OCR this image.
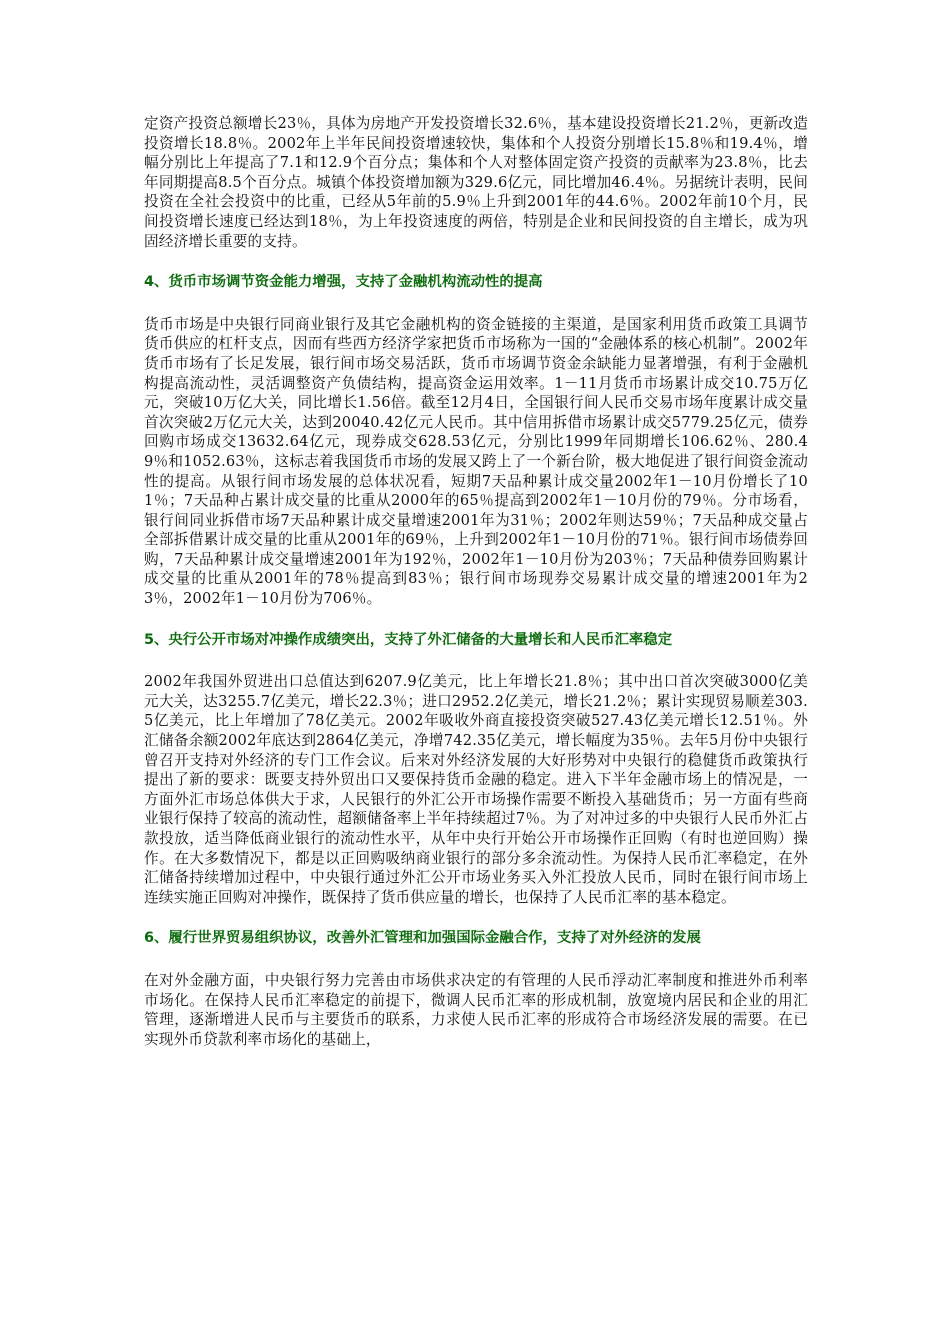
定资产投资总额增长23％，具体为房地产开发投资增长32.6％，基本建设投资增长21.2％，更新改造投资增长18.8％。2002年上半年民间投资增速较快，集体和个人投资分别增长15.8％和19.4％，增幅分别比上年提高了7.1和12.9个百分点；集体和个人对整体固定资产投资的贡献率为23.8％，比去年同期提高8.5个百分点。城镇个体投资增加额为329.6亿元，同比增加46.4％。另据统计表明，民间投资在全社会投资中的比重，已经从5年前的5.9％上升到2001年的44.6％。2002年前10个月，民间投资增长速度已经达到18％，为上年投资速度的两倍，特别是企业和民间投资的自主增长，成为巩固经济增长重要的支持。

4、货币市场调节资金能力增强，支持了金融机构流动性的提高

货币市场是中央银行同商业银行及其它金融机构的资金链接的主渠道，是国家利用货币政策工具调节货币供应的杠杆支点，因而有些西方经济学家把货币市场称为一国的“金融体系的核心机制”。2002年货币市场有了长足发展，银行间市场交易活跃，货币市场调节资金余缺能力显著增强，有利于金融机构提高流动性，灵活调整资产负债结构，提高资金运用效率。1－11月货币市场累计成交10.75万亿元，突破10万亿大关，同比增长1.56倍。截至12月4日，全国银行间人民币交易市场年度累计成交量首次突破2万亿元大关，达到20040.42亿元人民币。其中信用拆借市场累计成交5779.25亿元，债券回购市场成交13632.64亿元，现券成交628.53亿元，分别比1999年同期增长106.62％、280.49％和1052.63％，这标志着我国货币市场的发展又跨上了一个新台阶，极大地促进了银行间资金流动性的提高。从银行间市场发展的总体状况看，短期7天品种累计成交量2002年1－10月份增长了101％；7天品种占累计成交量的比重从2000年的65％提高到2002年1－10月份的79％。分市场看，银行间同业拆借市场7天品种累计成交量增速2001年为31％；2002年则达59％；7天品种成交量占全部拆借累计成交量的比重从2001年的69％，上升到2002年1－10月份的71％。银行间市场债券回购，7天品种累计成交量增速2001年为192％，2002年1－10月份为203％；7天品种债券回购累计成交量的比重从2001年的78％提高到83％；银行间市场现券交易累计成交量的增速2001年为23％，2002年1－10月份为706％。

5、央行公开市场对冲操作成绩突出，支持了外汇储备的大量增长和人民币汇率稳定

2002年我国外贸进出口总值达到6207.9亿美元，比上年增长21.8％；其中出口首次突破3000亿美元大关，达3255.7亿美元，增长22.3％；进口2952.2亿美元，增长21.2％；累计实现贸易顺差303.5亿美元，比上年增加了78亿美元。2002年吸收外商直接投资突破527.43亿美元增长12.51％。外汇储备余额2002年底达到2864亿美元，净增742.35亿美元，增长幅度为35％。去年5月份中央银行曾召开支持对外经济的专门工作会议。后来对外经济发展的大好形势对中央银行的稳健货币政策执行提出了新的要求：既要支持外贸出口又要保持货币金融的稳定。进入下半年金融市场上的情况是，一方面外汇市场总体供大于求，人民银行的外汇公开市场操作需要不断投入基础货币；另一方面有些商业银行保持了较高的流动性，超额储备率上半年持续超过7％。为了对冲过多的中央银行人民币外汇占款投放，适当降低商业银行的流动性水平，从年中央行开始公开市场操作正回购（有时也逆回购）操作。在大多数情况下，都是以正回购吸纳商业银行的部分多余流动性。为保持人民币汇率稳定，在外汇储备持续增加过程中，中央银行通过外汇公开市场业务买入外汇投放人民币，同时在银行间市场上连续实施正回购对冲操作，既保持了货币供应量的增长，也保持了人民币汇率的基本稳定。

6、履行世界贸易组织协议，改善外汇管理和加强国际金融合作，支持了对外经济的发展

在对外金融方面，中央银行努力完善由市场供求决定的有管理的人民币浮动汇率制度和推进外币利率市场化。在保持人民币汇率稳定的前提下，微调人民币汇率的形成机制，放宽境内居民和企业的用汇管理，逐渐增进人民币与主要货币的联系，力求使人民币汇率的形成符合市场经济发展的需要。在已实现外币贷款利率市场化的基础上，
